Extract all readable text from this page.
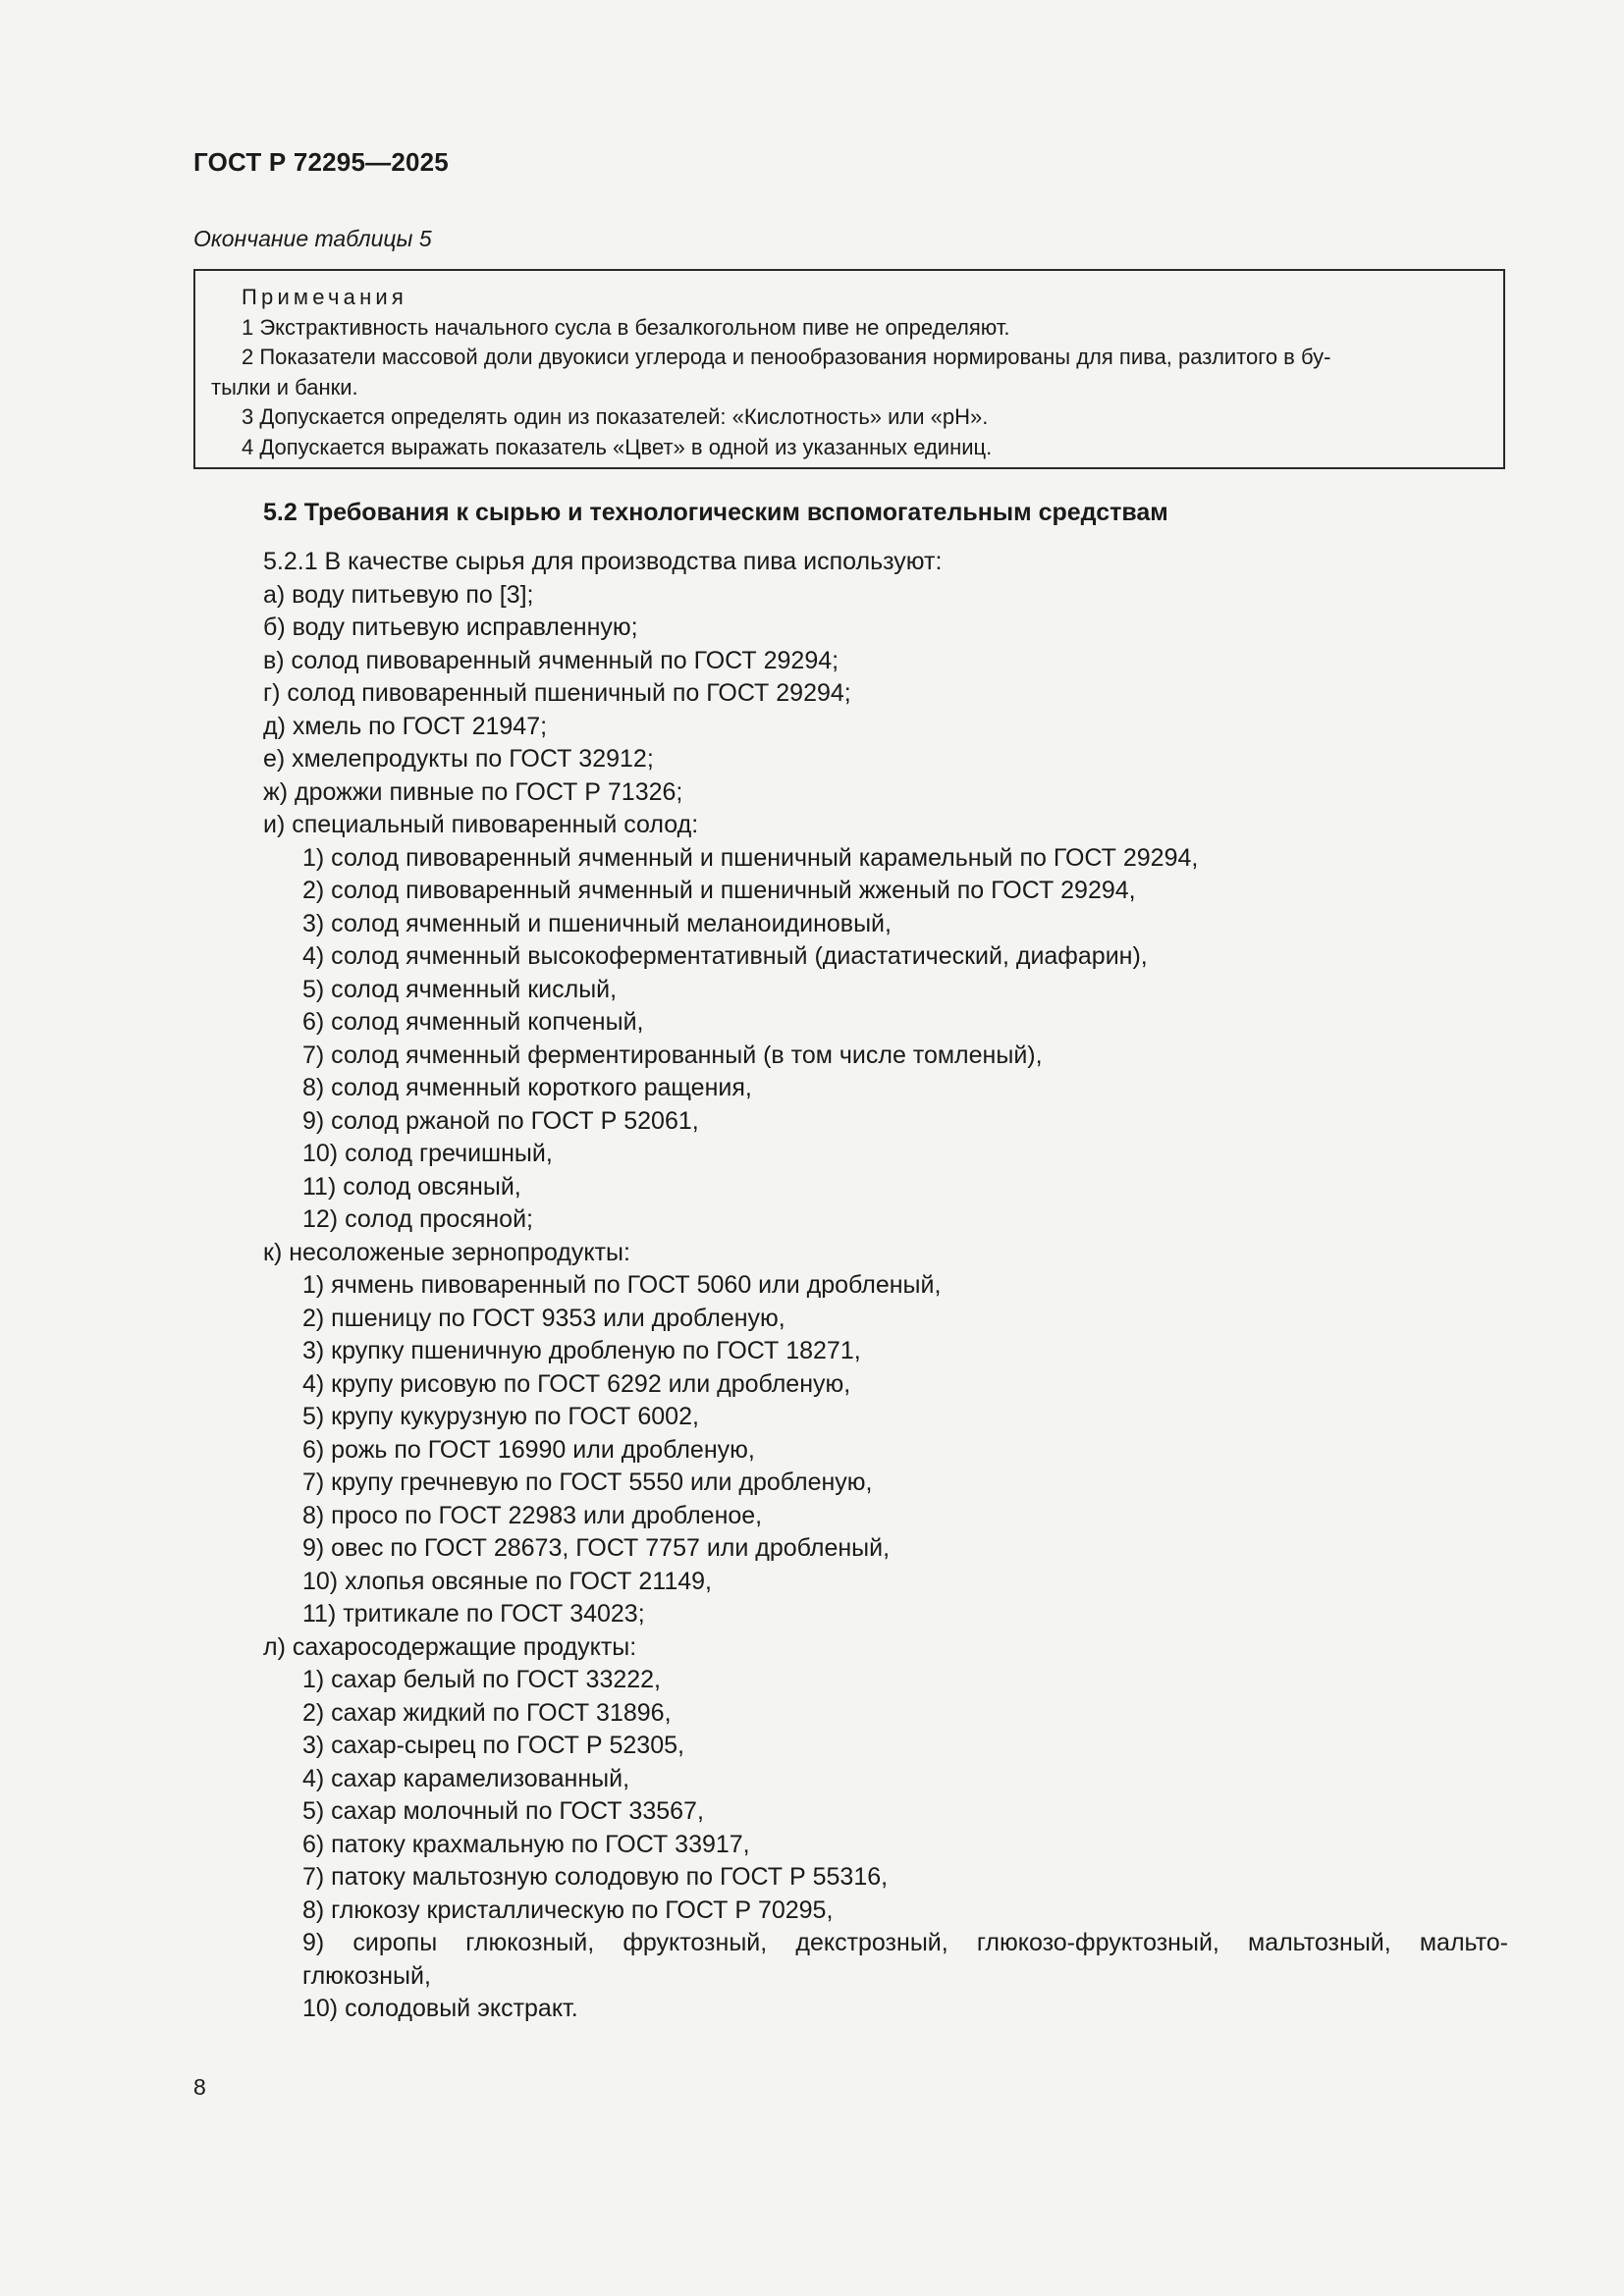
ГОСТ Р 72295—2025
Окончание таблицы 5
Примечания
1 Экстрактивность начального сусла в безалкогольном пиве не определяют.
2 Показатели массовой доли двуокиси углерода и пенообразования нормированы для пива, разлитого в бу-
тылки и банки.
3 Допускается определять один из показателей: «Кислотность» или «рН».
4 Допускается выражать показатель «Цвет» в одной из указанных единиц.
5.2 Требования к сырью и технологическим вспомогательным средствам
5.2.1 В качестве сырья для производства пива используют:
а) воду питьевую по [3];
б) воду питьевую исправленную;
в) солод пивоваренный ячменный по ГОСТ 29294;
г) солод пивоваренный пшеничный по ГОСТ 29294;
д) хмель по ГОСТ 21947;
е) хмелепродукты по ГОСТ 32912;
ж) дрожжи пивные по ГОСТ Р 71326;
и) специальный пивоваренный солод:
1) солод пивоваренный ячменный и пшеничный карамельный по ГОСТ 29294,
2) солод пивоваренный ячменный и пшеничный жженый по ГОСТ 29294,
3) солод ячменный и пшеничный меланоидиновый,
4) солод ячменный высокоферментативный (диастатический, диафарин),
5) солод ячменный кислый,
6) солод ячменный копченый,
7) солод ячменный ферментированный (в том числе томленый),
8) солод ячменный короткого ращения,
9) солод ржаной по ГОСТ Р 52061,
10) солод гречишный,
11) солод овсяный,
12) солод просяной;
к) несоложеные зернопродукты:
1) ячмень пивоваренный по ГОСТ 5060 или дробленый,
2) пшеницу по ГОСТ 9353 или дробленую,
3) крупку пшеничную дробленую по ГОСТ 18271,
4) крупу рисовую по ГОСТ 6292 или дробленую,
5) крупу кукурузную по ГОСТ 6002,
6) рожь по ГОСТ 16990 или дробленую,
7) крупу гречневую по ГОСТ 5550 или дробленую,
8) просо по ГОСТ 22983 или дробленое,
9) овес по ГОСТ 28673, ГОСТ 7757 или дробленый,
10) хлопья овсяные по ГОСТ 21149,
11) тритикале по ГОСТ 34023;
л) сахаросодержащие продукты:
1) сахар белый по ГОСТ 33222,
2) сахар жидкий по ГОСТ 31896,
3) сахар-сырец по ГОСТ Р 52305,
4) сахар карамелизованный,
5) сахар молочный по ГОСТ 33567,
6) патоку крахмальную по ГОСТ 33917,
7) патоку мальтозную солодовую по ГОСТ Р 55316,
8) глюкозу кристаллическую по ГОСТ Р 70295,
9) сиропы глюкозный, фруктозный, декстрозный, глюкозо-фруктозный, мальтозный, мальто-
глюкозный,
10) солодовый экстракт.
8
